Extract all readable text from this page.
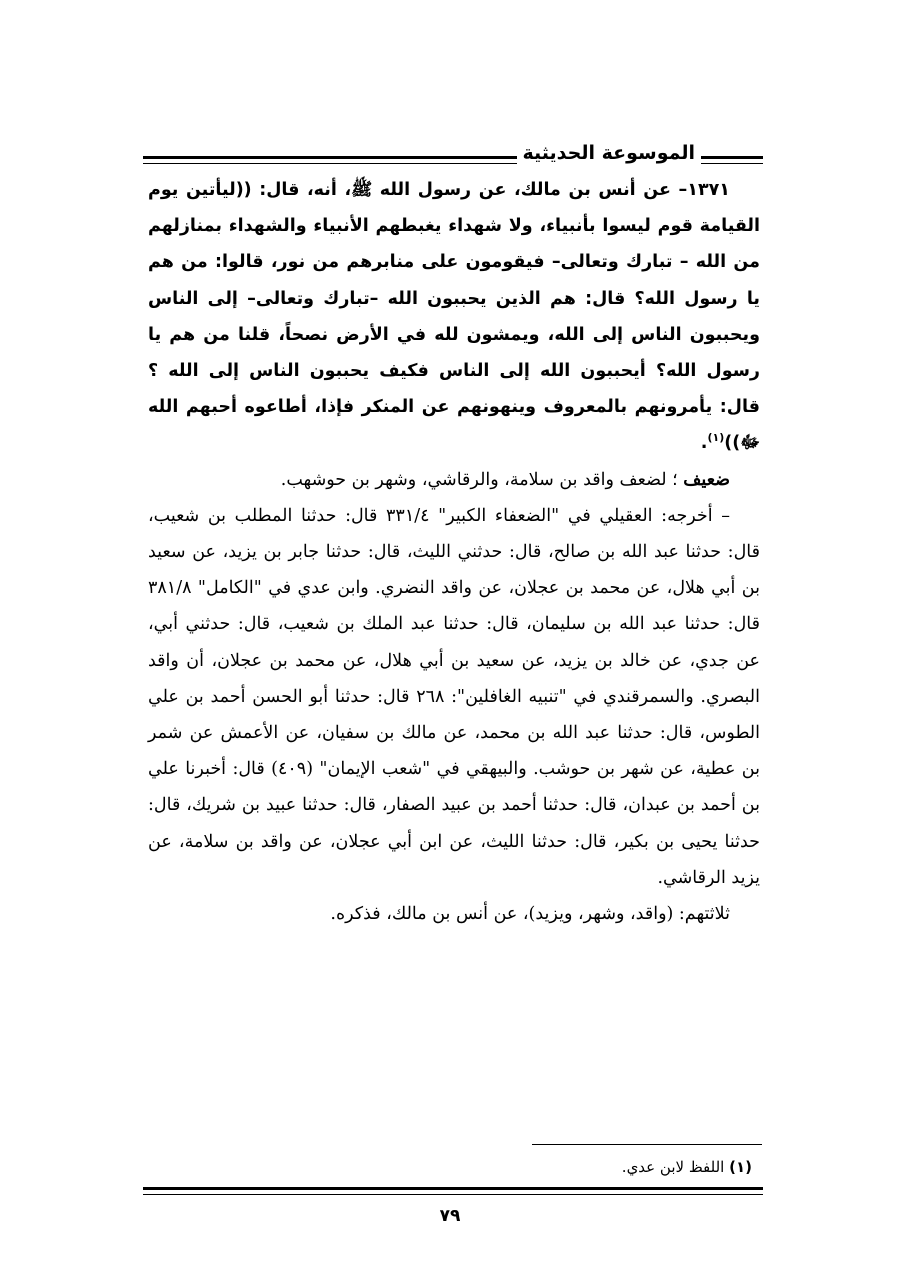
الموسوعة الحديثية

١٣٧١– عن أنس بن مالك، عن رسول الله ﷺ، أنه، قال: ((ليأتين يوم القيامة قوم ليسوا بأنبياء، ولا شهداء يغبطهم الأنبياء والشهداء بمنازلهم من الله – تبارك وتعالى– فيقومون على منابرهم من نور، قالوا: من هم يا رسول الله؟ قال: هم الذين يحببون الله –تبارك وتعالى– إلى الناس ويحببون الناس إلى الله، ويمشون لله في الأرض نصحاً، قلنا من هم يا رسول الله؟ أيحببون الله إلى الناس فكيف يحببون الناس إلى الله ؟ قال: يأمرونهم بالمعروف وينهونهم عن المنكر فإذا، أطاعوه أحبهم الله ﷻ))$^{(١)}$.

ضعيف ؛ لضعف واقد بن سلامة، والرقاشي، وشهر بن حوشهب.

– أخرجه: العقيلي في "الضعفاء الكبير" ٣٣١/٤ قال: حدثنا المطلب بن شعيب، قال: حدثنا عبد الله بن صالح، قال: حدثني الليث، قال: حدثنا جابر بن يزيد، عن سعيد بن أبي هلال، عن محمد بن عجلان، عن واقد النضري. وابن عدي في "الكامل" ٣٨١/٨ قال: حدثنا عبد الله بن سليمان، قال: حدثنا عبد الملك بن شعيب، قال: حدثني أبي، عن جدي، عن خالد بن يزيد، عن سعيد بن أبي هلال، عن محمد بن عجلان، أن واقد البصري. والسمرقندي في "تنبيه الغافلين": ٢٦٨ قال: حدثنا أبو الحسن أحمد بن علي الطوس، قال: حدثنا عبد الله بن محمد، عن مالك بن سفيان، عن الأعمش عن شمر بن عطية، عن شهر بن حوشب. والبيهقي في "شعب الإيمان" (٤٠٩) قال: أخبرنا علي بن أحمد بن عبدان، قال: حدثنا أحمد بن عبيد الصفار، قال: حدثنا عبيد بن شريك، قال: حدثنا يحيى بن بكير، قال: حدثنا الليث، عن ابن أبي عجلان، عن واقد بن سلامة، عن يزيد الرقاشي.

ثلاثتهم: (واقد، وشهر، ويزيد)، عن أنس بن مالك، فذكره.

(١) اللفظ لابن عدي.
٧٩
